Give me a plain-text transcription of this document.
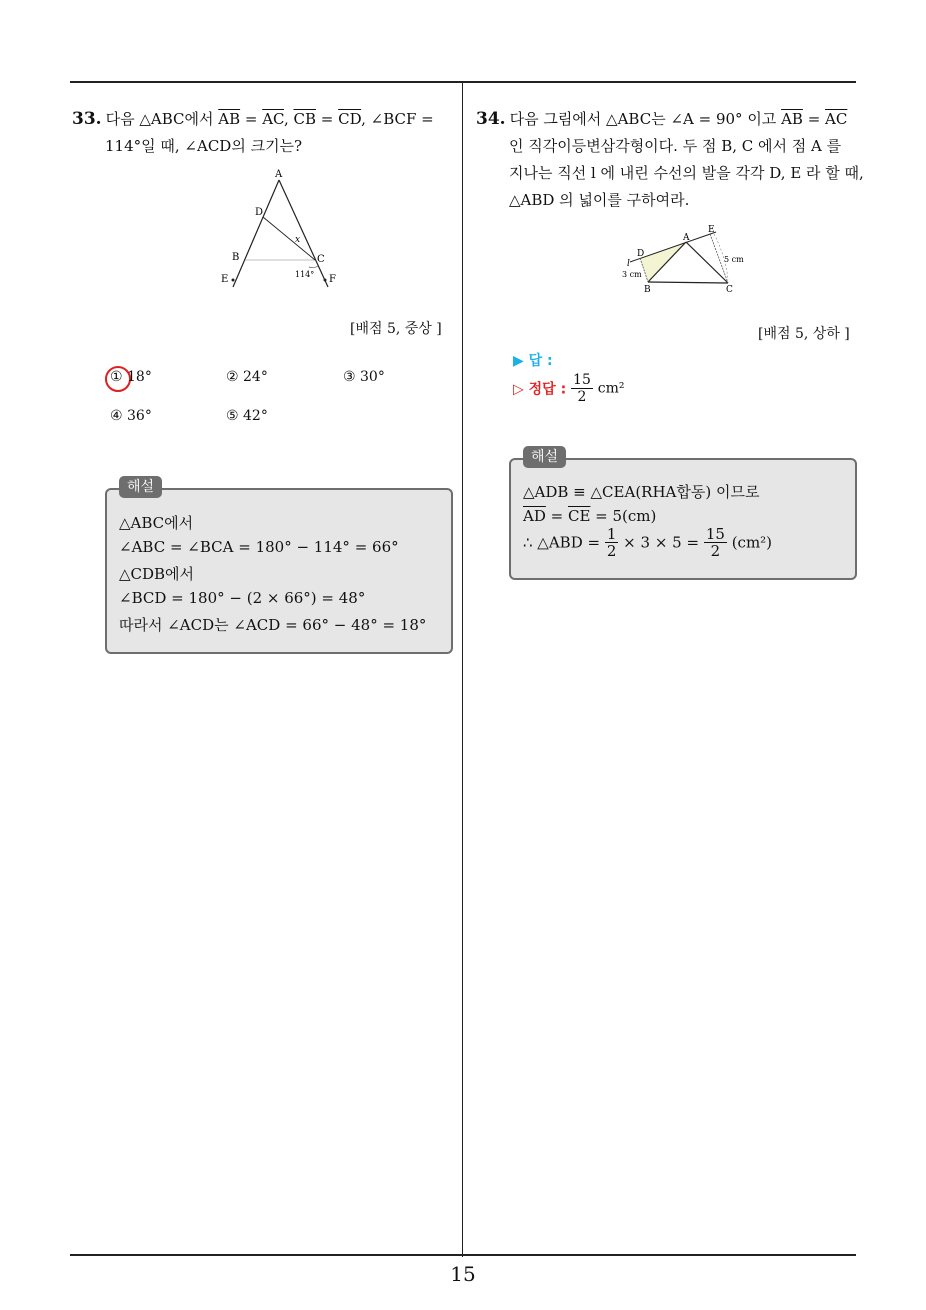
15
33. 다음 △ABC에서 $\overline{AB} = \overline{AC}$, $\overline{CB} = \overline{CD}$, ∠BCF =
114°일 때, ∠ACD의 크기는?
A
D
x
B	C
114°
E	F
[배점 5, 중상 ]
① 18°	② 24°	③ 30°
④ 36°	⑤ 42°
△ABC에서
∠ABC = ∠BCA = 180° − 114° = 66°
△CDB에서
∠BCD = 180° − (2 × 66°) = 48°
따라서 ∠ACD는 ∠ACD = 66° − 48° = 18°
해설
34. 다음 그림에서 △ABC는 ∠A = 90° 이고 $\overline{AB} = \overline{AC}$
인 직각이등변삼각형이다. 두 점 B, C 에서 점 A 를
지나는 직선 l 에 내린 수선의 발을 각각 D, E 라 할 때,
△ABD 의 넓이를 구하여라.
A
E
D
l
3 cm
5 cm
B	C
[배점 5, 상하 ]
▶ 답 :
▷ 정답 : $\frac{15}{2} cm^2$
△ADB ≡ △CEA(RHA합동) 이므로
$\overline{AD} = \overline{CE} = 5(cm)$
∴ △ABD = $\frac{1}{2} \times 3 \times 5 = \frac{15}{2} (cm^2)$
해설
